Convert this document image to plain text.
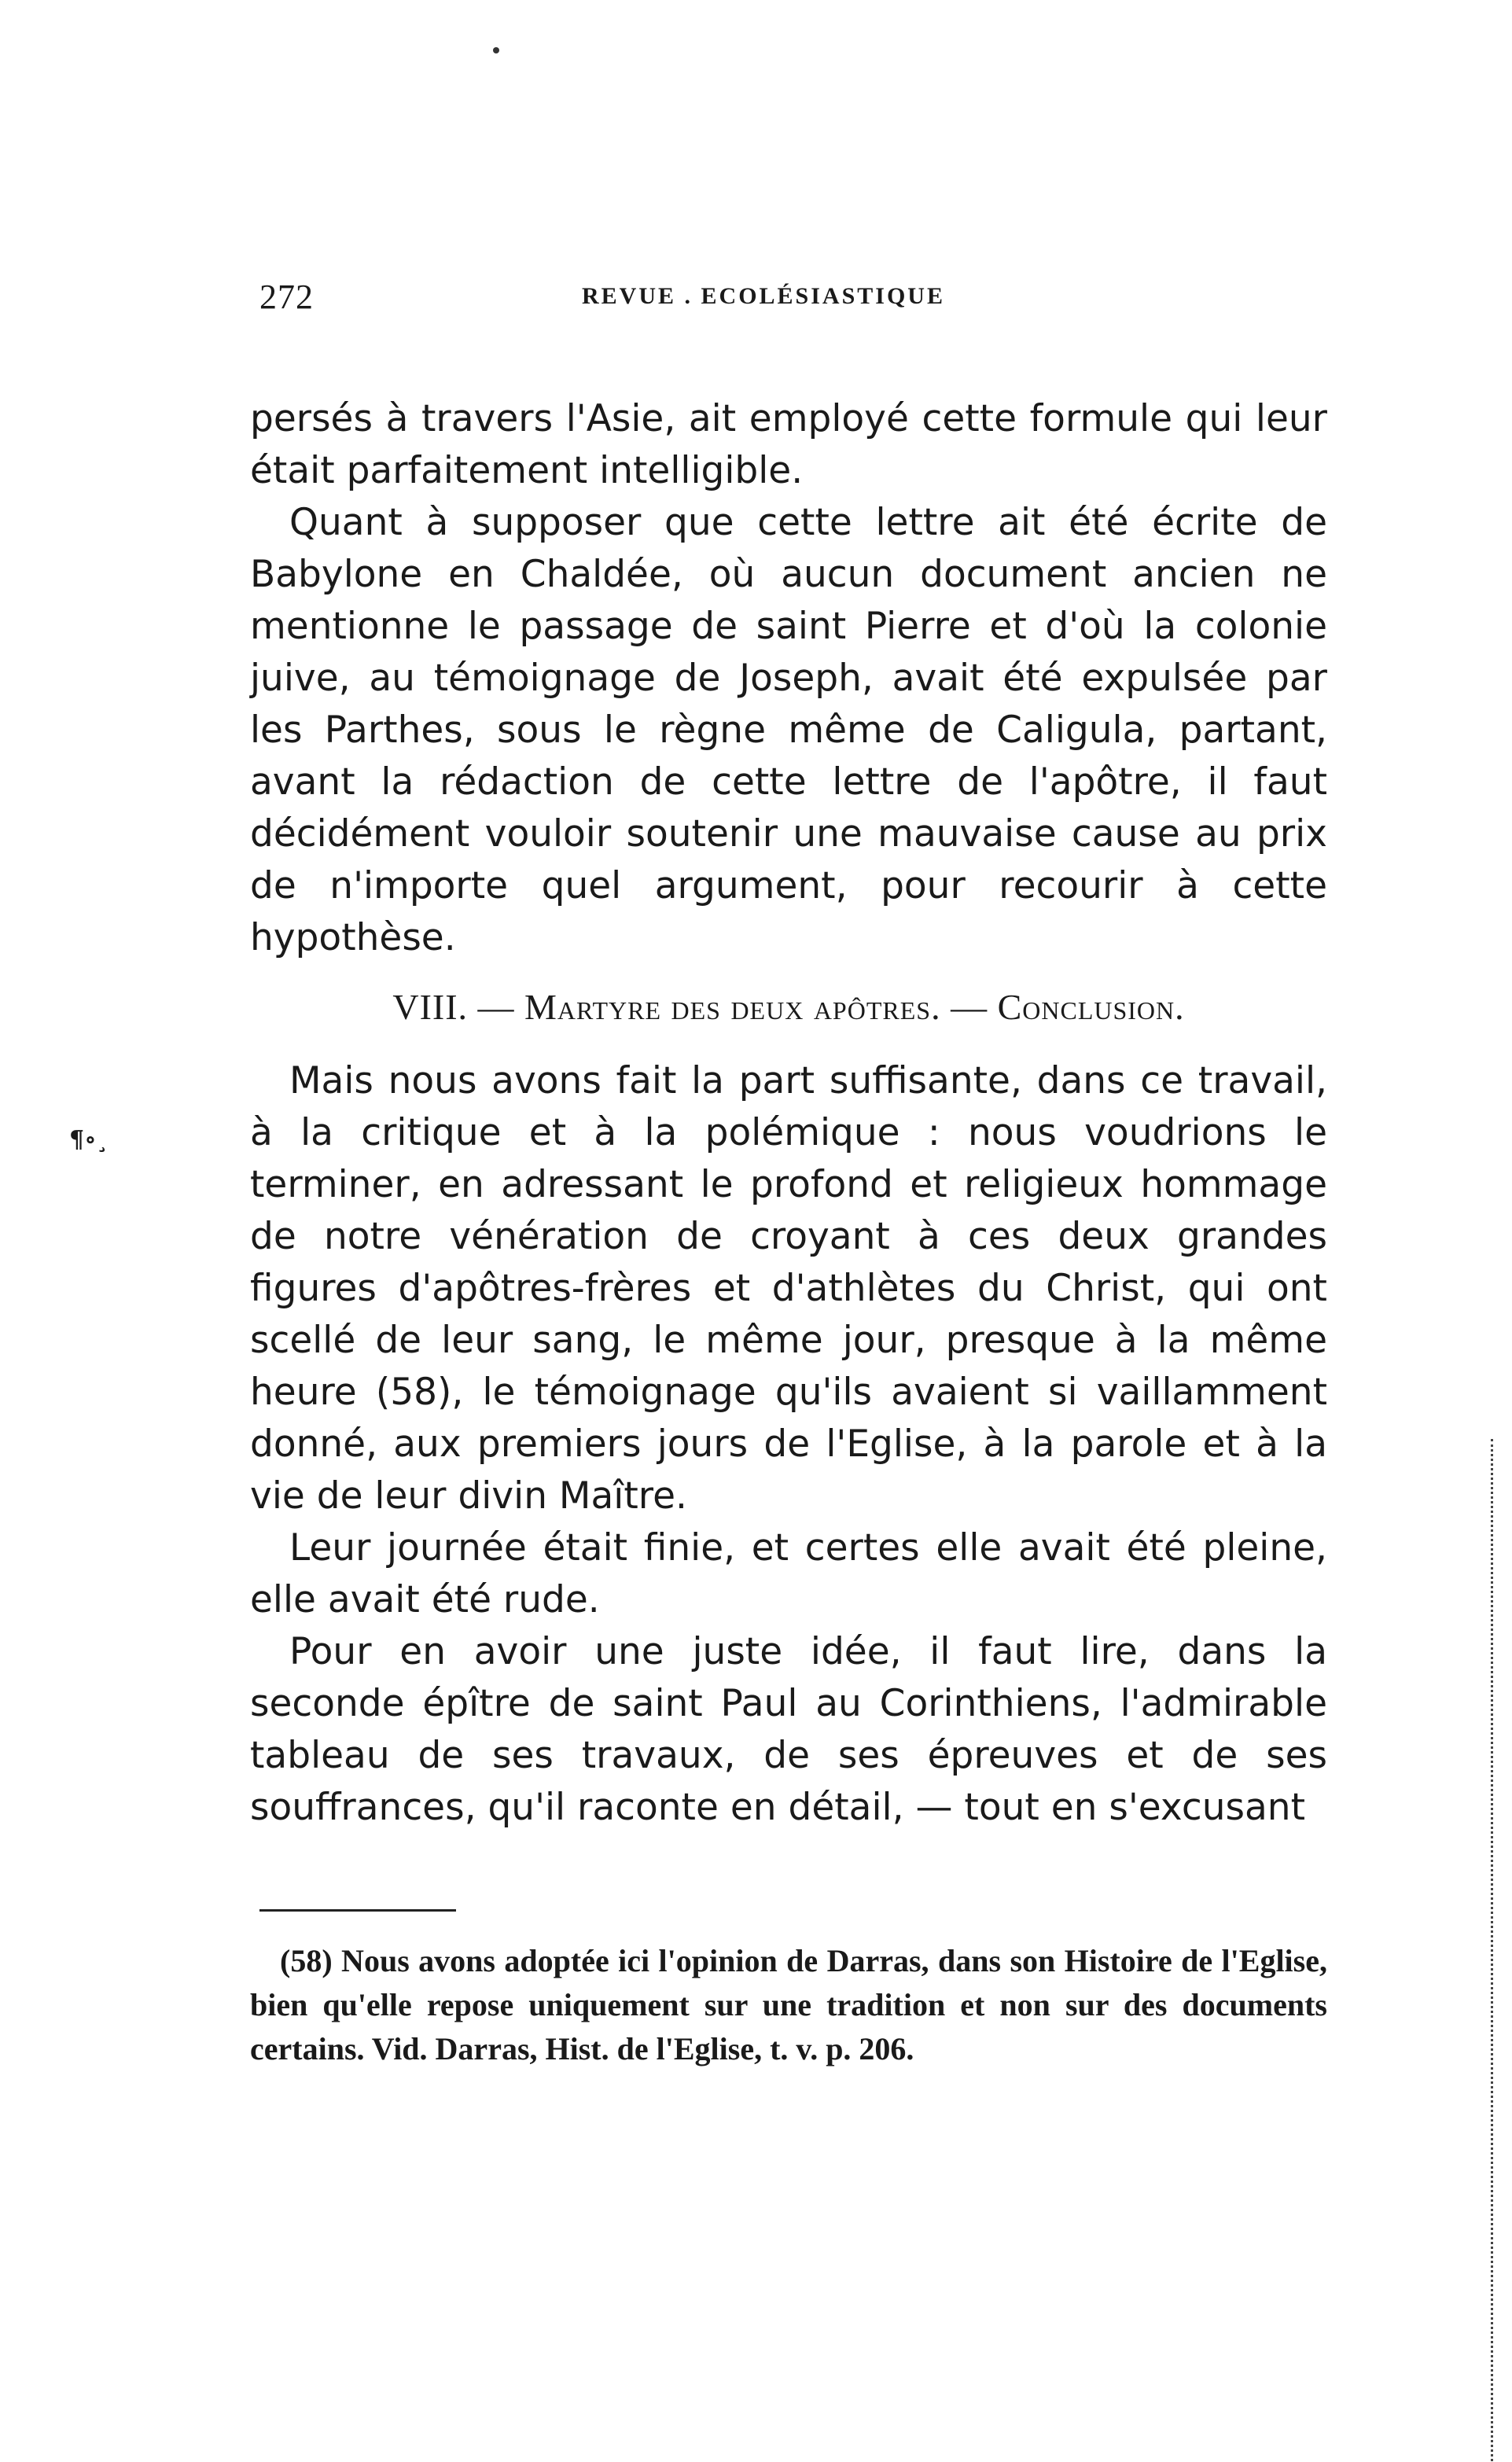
272	REVUE . ECOLÉSIASTIQUE
¶∘¸

persés à travers l'Asie, ait employé cette formule qui leur était parfaitement intelligible.

Quant à supposer que cette lettre ait été écrite de Babylone en Chaldée, où aucun document ancien ne mentionne le passage de saint Pierre et d'où la colonie juive, au témoignage de Joseph, avait été expulsée par les Parthes, sous le règne même de Caligula, partant, avant la rédaction de cette lettre de l'apôtre, il faut décidément vouloir soutenir une mauvaise cause au prix de n'importe quel argument, pour recourir à cette hypothèse.

VIII. — Martyre des deux apôtres. — Conclusion.

Mais nous avons fait la part suffisante, dans ce travail, à la critique et à la polémique : nous voudrions le terminer, en adressant le profond et religieux hommage de notre vénération de croyant à ces deux grandes figures d'apôtres-frères et d'athlètes du Christ, qui ont scellé de leur sang, le même jour, presque à la même heure (58), le témoignage qu'ils avaient si vaillamment donné, aux premiers jours de l'Eglise, à la parole et à la vie de leur divin Maître.

Leur journée était finie, et certes elle avait été pleine, elle avait été rude.

Pour en avoir une juste idée, il faut lire, dans la seconde épître de saint Paul au Corinthiens, l'admirable tableau de ses travaux, de ses épreuves et de ses souffrances, qu'il raconte en détail, — tout en s'excusant

(58) Nous avons adoptée ici l'opinion de Darras, dans son Histoire de l'Eglise, bien qu'elle repose uniquement sur une tradition et non sur des documents certains. Vid. Darras, Hist. de l'Eglise, t. v. p. 206.
